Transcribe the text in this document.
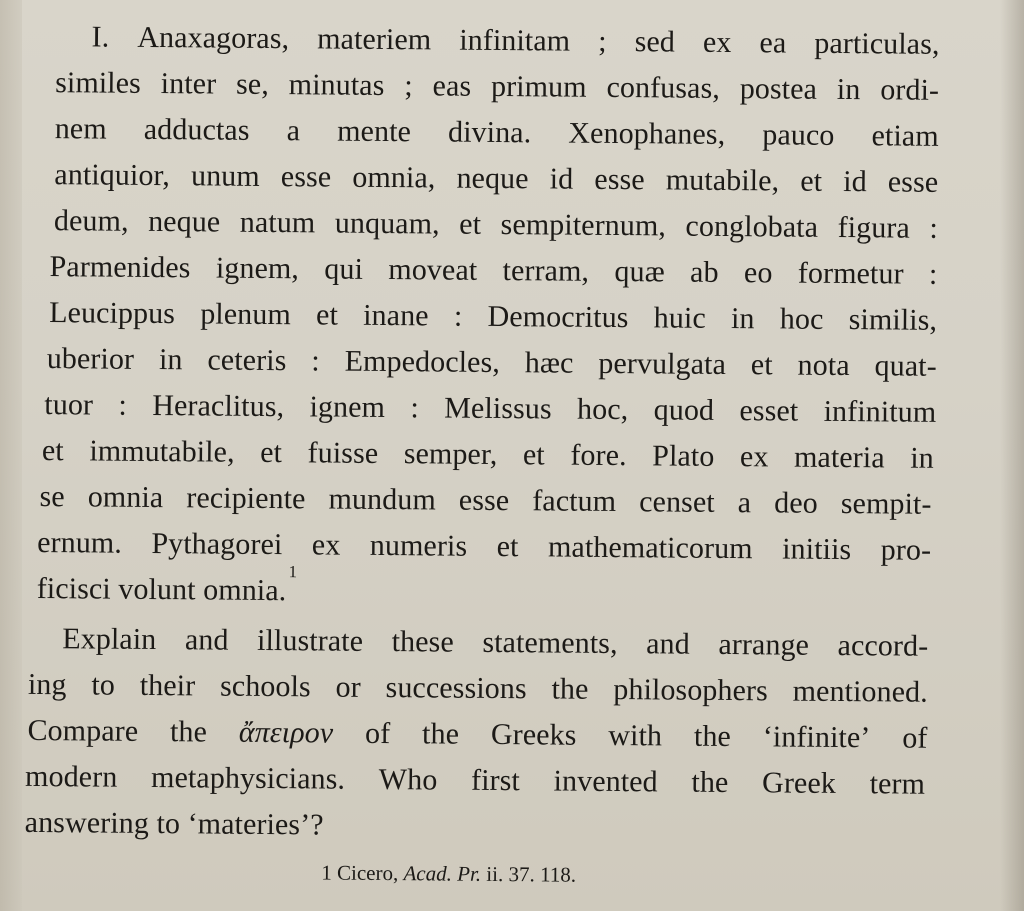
I. Anaxagoras, materiem infinitam ; sed ex ea particulas,

similes inter se, minutas ; eas primum confusas, postea in ordi-

nem adductas a mente divina. Xenophanes, pauco etiam

antiquior, unum esse omnia, neque id esse mutabile, et id esse

deum, neque natum unquam, et sempiternum, conglobata figura :

Parmenides ignem, qui moveat terram, quæ ab eo formetur :

Leucippus plenum et inane : Democritus huic in hoc similis,

uberior in ceteris : Empedocles, hæc pervulgata et nota quat-

tuor : Heraclitus, ignem : Melissus hoc, quod esset infinitum

et immutabile, et fuisse semper, et fore. Plato ex materia in

se omnia recipiente mundum esse factum censet a deo sempit-

ernum. Pythagorei ex numeris et mathematicorum initiis pro-

ficisci volunt omnia.
1

Explain and illustrate these statements, and arrange accord-

ing to their schools or successions the philosophers mentioned.

Compare the ἄπειρον of the Greeks with the ‘infinite’ of

modern metaphysicians. Who first invented the Greek term

answering to ‘materies’?

1 Cicero, Acad. Pr. ii. 37. 118.
